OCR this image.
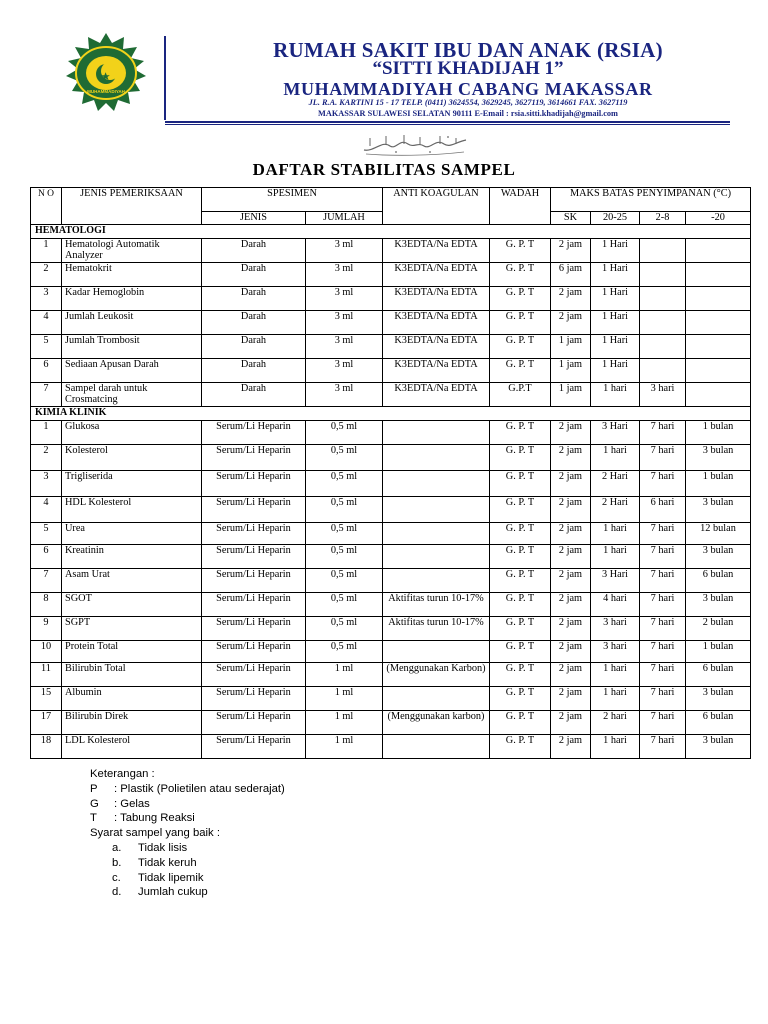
MUHAMMADIYAH
RUMAH SAKIT IBU DAN ANAK (RSIA)
“SITTI KHADIJAH 1”
MUHAMMADIYAH CABANG MAKASSAR
JL. R.A. KARTINI 15 - 17 TELP. (0411) 3624554, 3629245, 3627119, 3614661 FAX. 3627119
MAKASSAR SULAWESI SELATAN 90111 E-Email : rsia.sitti.khadijah@gmail.com
DAFTAR STABILITAS SAMPEL
N O	JENIS PEMERIKSAAN	SPESIMEN		ANTI KOAGULAN	WADAH	MAKS BATAS PENYIMPANAN (°C)			
		JENIS	JUMLAH			SK	20-25	2-8	-20
HEMATOLOGI									
1	Hematologi Automatik Analyzer	Darah	3 ml	K3EDTA/Na EDTA	G. P. T	2 jam	1 Hari		
2	Hematokrit	Darah	3 ml	K3EDTA/Na EDTA	G. P. T	6 jam	1 Hari		
3	Kadar Hemoglobin	Darah	3 ml	K3EDTA/Na EDTA	G. P. T	2 jam	1 Hari		
4	Jumlah Leukosit	Darah	3 ml	K3EDTA/Na EDTA	G. P. T	2 jam	1 Hari		
5	Jumlah Trombosit	Darah	3 ml	K3EDTA/Na EDTA	G. P. T	1 jam	1 Hari		
6	Sediaan Apusan Darah	Darah	3 ml	K3EDTA/Na EDTA	G. P. T	1 jam	1 Hari		
7	Sampel darah untuk Crosmatcing	Darah	3 ml	K3EDTA/Na EDTA	G.P.T	1 jam	1 hari	3 hari	
KIMIA KLINIK									
1	Glukosa	Serum/Li Heparin	0,5 ml		G. P. T	2 jam	3 Hari	7 hari	1 bulan
2	Kolesterol	Serum/Li Heparin	0,5 ml		G. P. T	2 jam	1 hari	7 hari	3 bulan
3	Trigliserida	Serum/Li Heparin	0,5 ml		G. P. T	2 jam	2 Hari	7 hari	1 bulan
4	HDL Kolesterol	Serum/Li Heparin	0,5 ml		G. P. T	2 jam	2 Hari	6 hari	3 bulan
5	Urea	Serum/Li Heparin	0,5 ml		G. P. T	2 jam	1 hari	7 hari	12 bulan
6	Kreatinin	Serum/Li Heparin	0,5 ml		G. P. T	2 jam	1 hari	7 hari	3 bulan
7	Asam Urat	Serum/Li Heparin	0,5 ml		G. P. T	2 jam	3 Hari	7 hari	6 bulan
8	SGOT	Serum/Li Heparin	0,5 ml	Aktifitas turun 10-17%	G. P. T	2 jam	4 hari	7 hari	3 bulan
9	SGPT	Serum/Li Heparin	0,5 ml	Aktifitas turun 10-17%	G. P. T	2 jam	3 hari	7 hari	2 bulan
10	Protein Total	Serum/Li Heparin	0,5 ml		G. P. T	2 jam	3 hari	7 hari	1 bulan
11	Bilirubin Total	Serum/Li Heparin	1 ml	(Menggunakan Karbon)	G. P. T	2 jam	1 hari	7 hari	6 bulan
15	Albumin	Serum/Li Heparin	1 ml		G. P. T	2 jam	1 hari	7 hari	3 bulan
17	Bilirubin Direk	Serum/Li Heparin	1 ml	(Menggunakan karbon)	G. P. T	2 jam	2 hari	7 hari	6 bulan
18	LDL Kolesterol	Serum/Li Heparin	1 ml		G. P. T	2 jam	1 hari	7 hari	3 bulan
Keterangan :
P : Plastik (Polietilen atau sederajat)
G : Gelas
T : Tabung Reaksi
Syarat sampel yang baik :
a. Tidak lisis
b. Tidak keruh
c. Tidak lipemik
d. Jumlah cukup
